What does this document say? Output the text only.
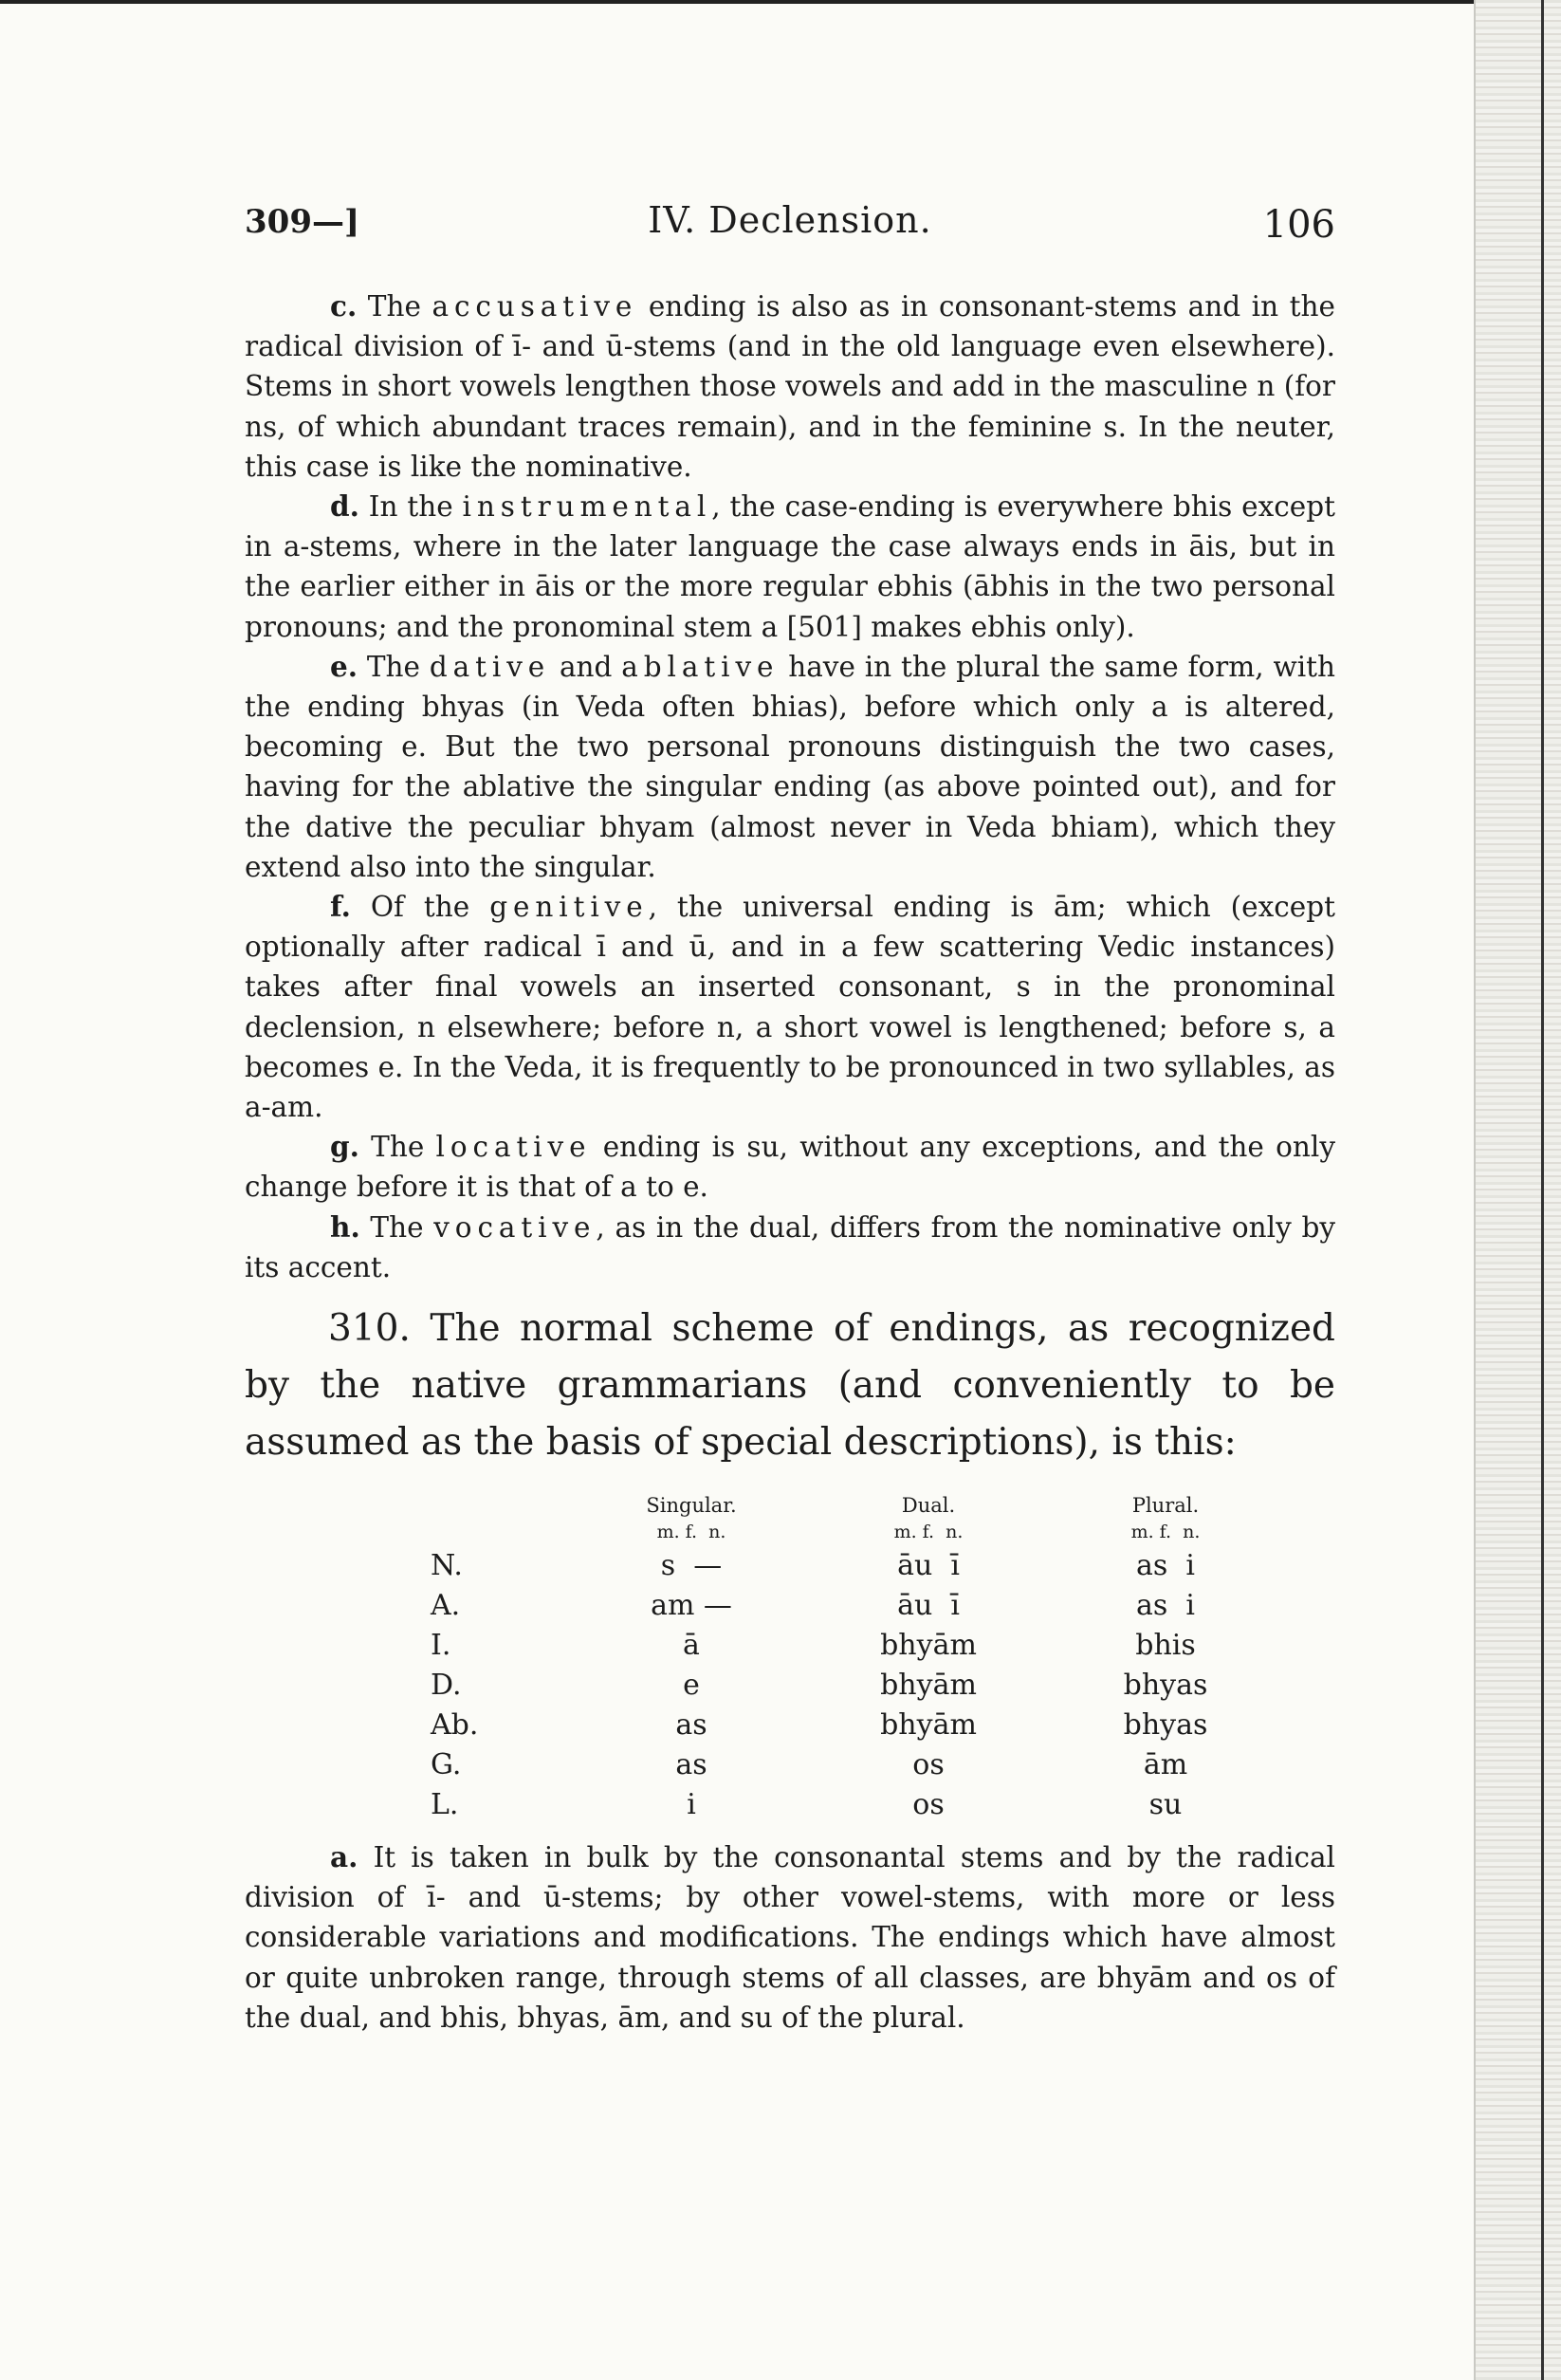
309—]	IV. Declension.	106

c. The accusative ending is also as in consonant-stems and in the radical division of ī- and ū-stems (and in the old language even elsewhere). Stems in short vowels lengthen those vowels and add in the masculine n (for ns, of which abundant traces remain), and in the feminine s. In the neuter, this case is like the nominative.

d. In the instrumental, the case-ending is everywhere bhis except in a-stems, where in the later language the case always ends in āis, but in the earlier either in āis or the more regular ebhis (ābhis in the two personal pronouns; and the pronominal stem a [501] makes ebhis only).

e. The dative and ablative have in the plural the same form, with the ending bhyas (in Veda often bhias), before which only a is altered, becoming e. But the two personal pronouns distinguish the two cases, having for the ablative the singular ending (as above pointed out), and for the dative the peculiar bhyam (almost never in Veda bhiam), which they extend also into the singular.

f. Of the genitive, the universal ending is ām; which (except optionally after radical ī and ū, and in a few scattering Vedic instances) takes after final vowels an inserted consonant, s in the pronominal declension, n elsewhere; before n, a short vowel is lengthened; before s, a becomes e. In the Veda, it is frequently to be pronounced in two syllables, as a-am.

g. The locative ending is su, without any exceptions, and the only change before it is that of a to e.

h. The vocative, as in the dual, differs from the nominative only by its accent.

310. The normal scheme of endings, as recognized by the native grammarians (and conveniently to be assumed as the basis of special descriptions), is this:

	Singular.	Dual.	Plural.
	m. f.  n.	m. f.  n.	m. f.  n.
N.	s  —	āu  ī	as  i
A.	am —	āu  ī	as  i
I.	ā	bhyām	bhis
D.	e	bhyām	bhyas
Ab.	as	bhyām	bhyas
G.	as	os	ām
L.	i	os	su

a. It is taken in bulk by the consonantal stems and by the radical division of ī- and ū-stems; by other vowel-stems, with more or less considerable variations and modifications. The endings which have almost or quite unbroken range, through stems of all classes, are bhyām and os of the dual, and bhis, bhyas, ām, and su of the plural.
